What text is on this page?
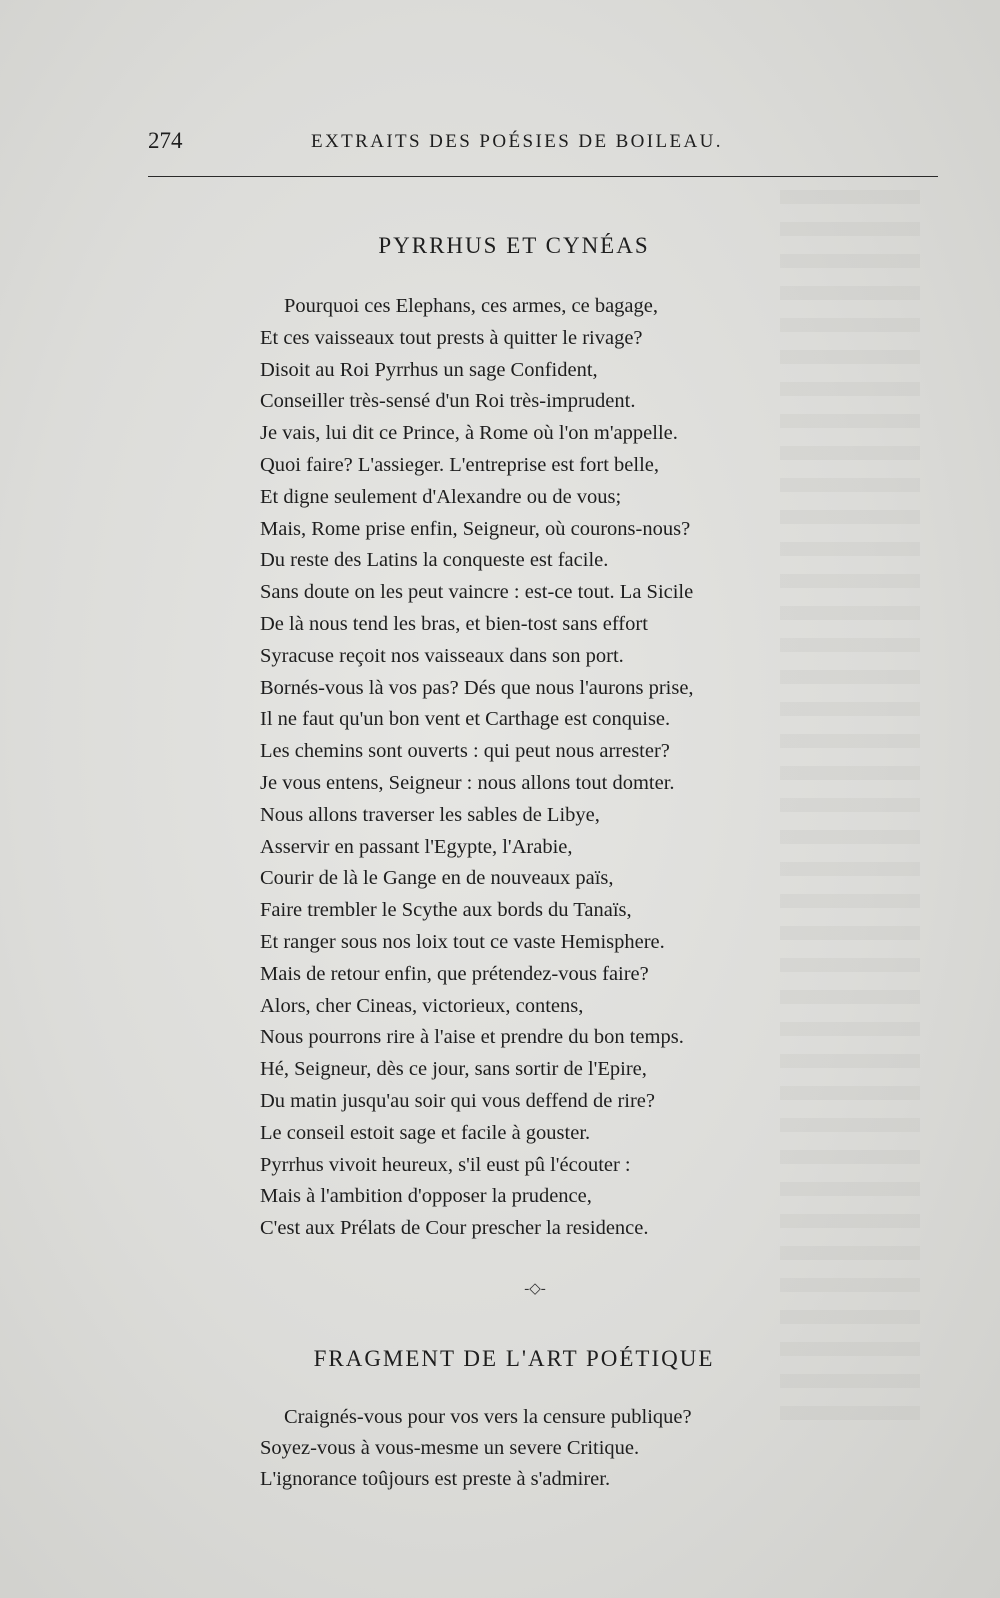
274	EXTRAITS DES POÉSIES DE BOILEAU.
PYRRHUS ET CYNÉAS
Pourquoi ces Elephans, ces armes, ce bagage,
Et ces vaisseaux tout prests à quitter le rivage?
Disoit au Roi Pyrrhus un sage Confident,
Conseiller très-sensé d'un Roi très-imprudent.
Je vais, lui dit ce Prince, à Rome où l'on m'appelle.
Quoi faire? L'assieger. L'entreprise est fort belle,
Et digne seulement d'Alexandre ou de vous;
Mais, Rome prise enfin, Seigneur, où courons-nous?
Du reste des Latins la conqueste est facile.
Sans doute on les peut vaincre : est-ce tout. La Sicile
De là nous tend les bras, et bien-tost sans effort
Syracuse reçoit nos vaisseaux dans son port.
Bornés-vous là vos pas? Dés que nous l'aurons prise,
Il ne faut qu'un bon vent et Carthage est conquise.
Les chemins sont ouverts : qui peut nous arrester?
Je vous entens, Seigneur : nous allons tout domter.
Nous allons traverser les sables de Libye,
Asservir en passant l'Egypte, l'Arabie,
Courir de là le Gange en de nouveaux païs,
Faire trembler le Scythe aux bords du Tanaïs,
Et ranger sous nos loix tout ce vaste Hemisphere.
Mais de retour enfin, que prétendez-vous faire?
Alors, cher Cineas, victorieux, contens,
Nous pourrons rire à l'aise et prendre du bon temps.
Hé, Seigneur, dès ce jour, sans sortir de l'Epire,
Du matin jusqu'au soir qui vous deffend de rire?
Le conseil estoit sage et facile à gouster.
Pyrrhus vivoit heureux, s'il eust pû l'écouter :
Mais à l'ambition d'opposer la prudence,
C'est aux Prélats de Cour prescher la residence.
-◇-
FRAGMENT DE L'ART POÉTIQUE
Craignés-vous pour vos vers la censure publique?
Soyez-vous à vous-mesme un severe Critique.
L'ignorance toûjours est preste à s'admirer.
